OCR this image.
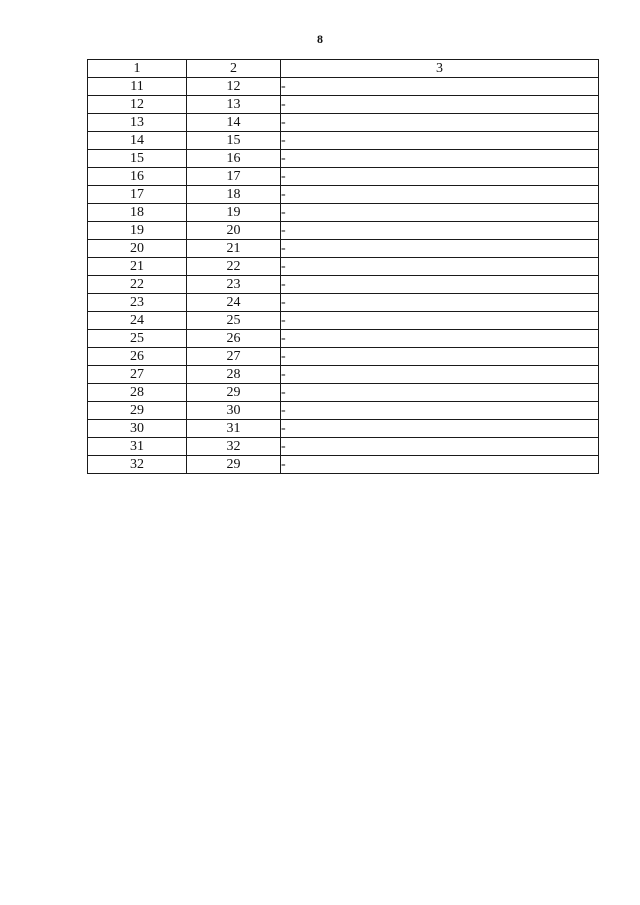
8
1	2	3
11	12	-
12	13	-
13	14	-
14	15	-
15	16	-
16	17	-
17	18	-
18	19	-
19	20	-
20	21	-
21	22	-
22	23	-
23	24	-
24	25	-
25	26	-
26	27	-
27	28	-
28	29	-
29	30	-
30	31	-
31	32	-
32	29	-
